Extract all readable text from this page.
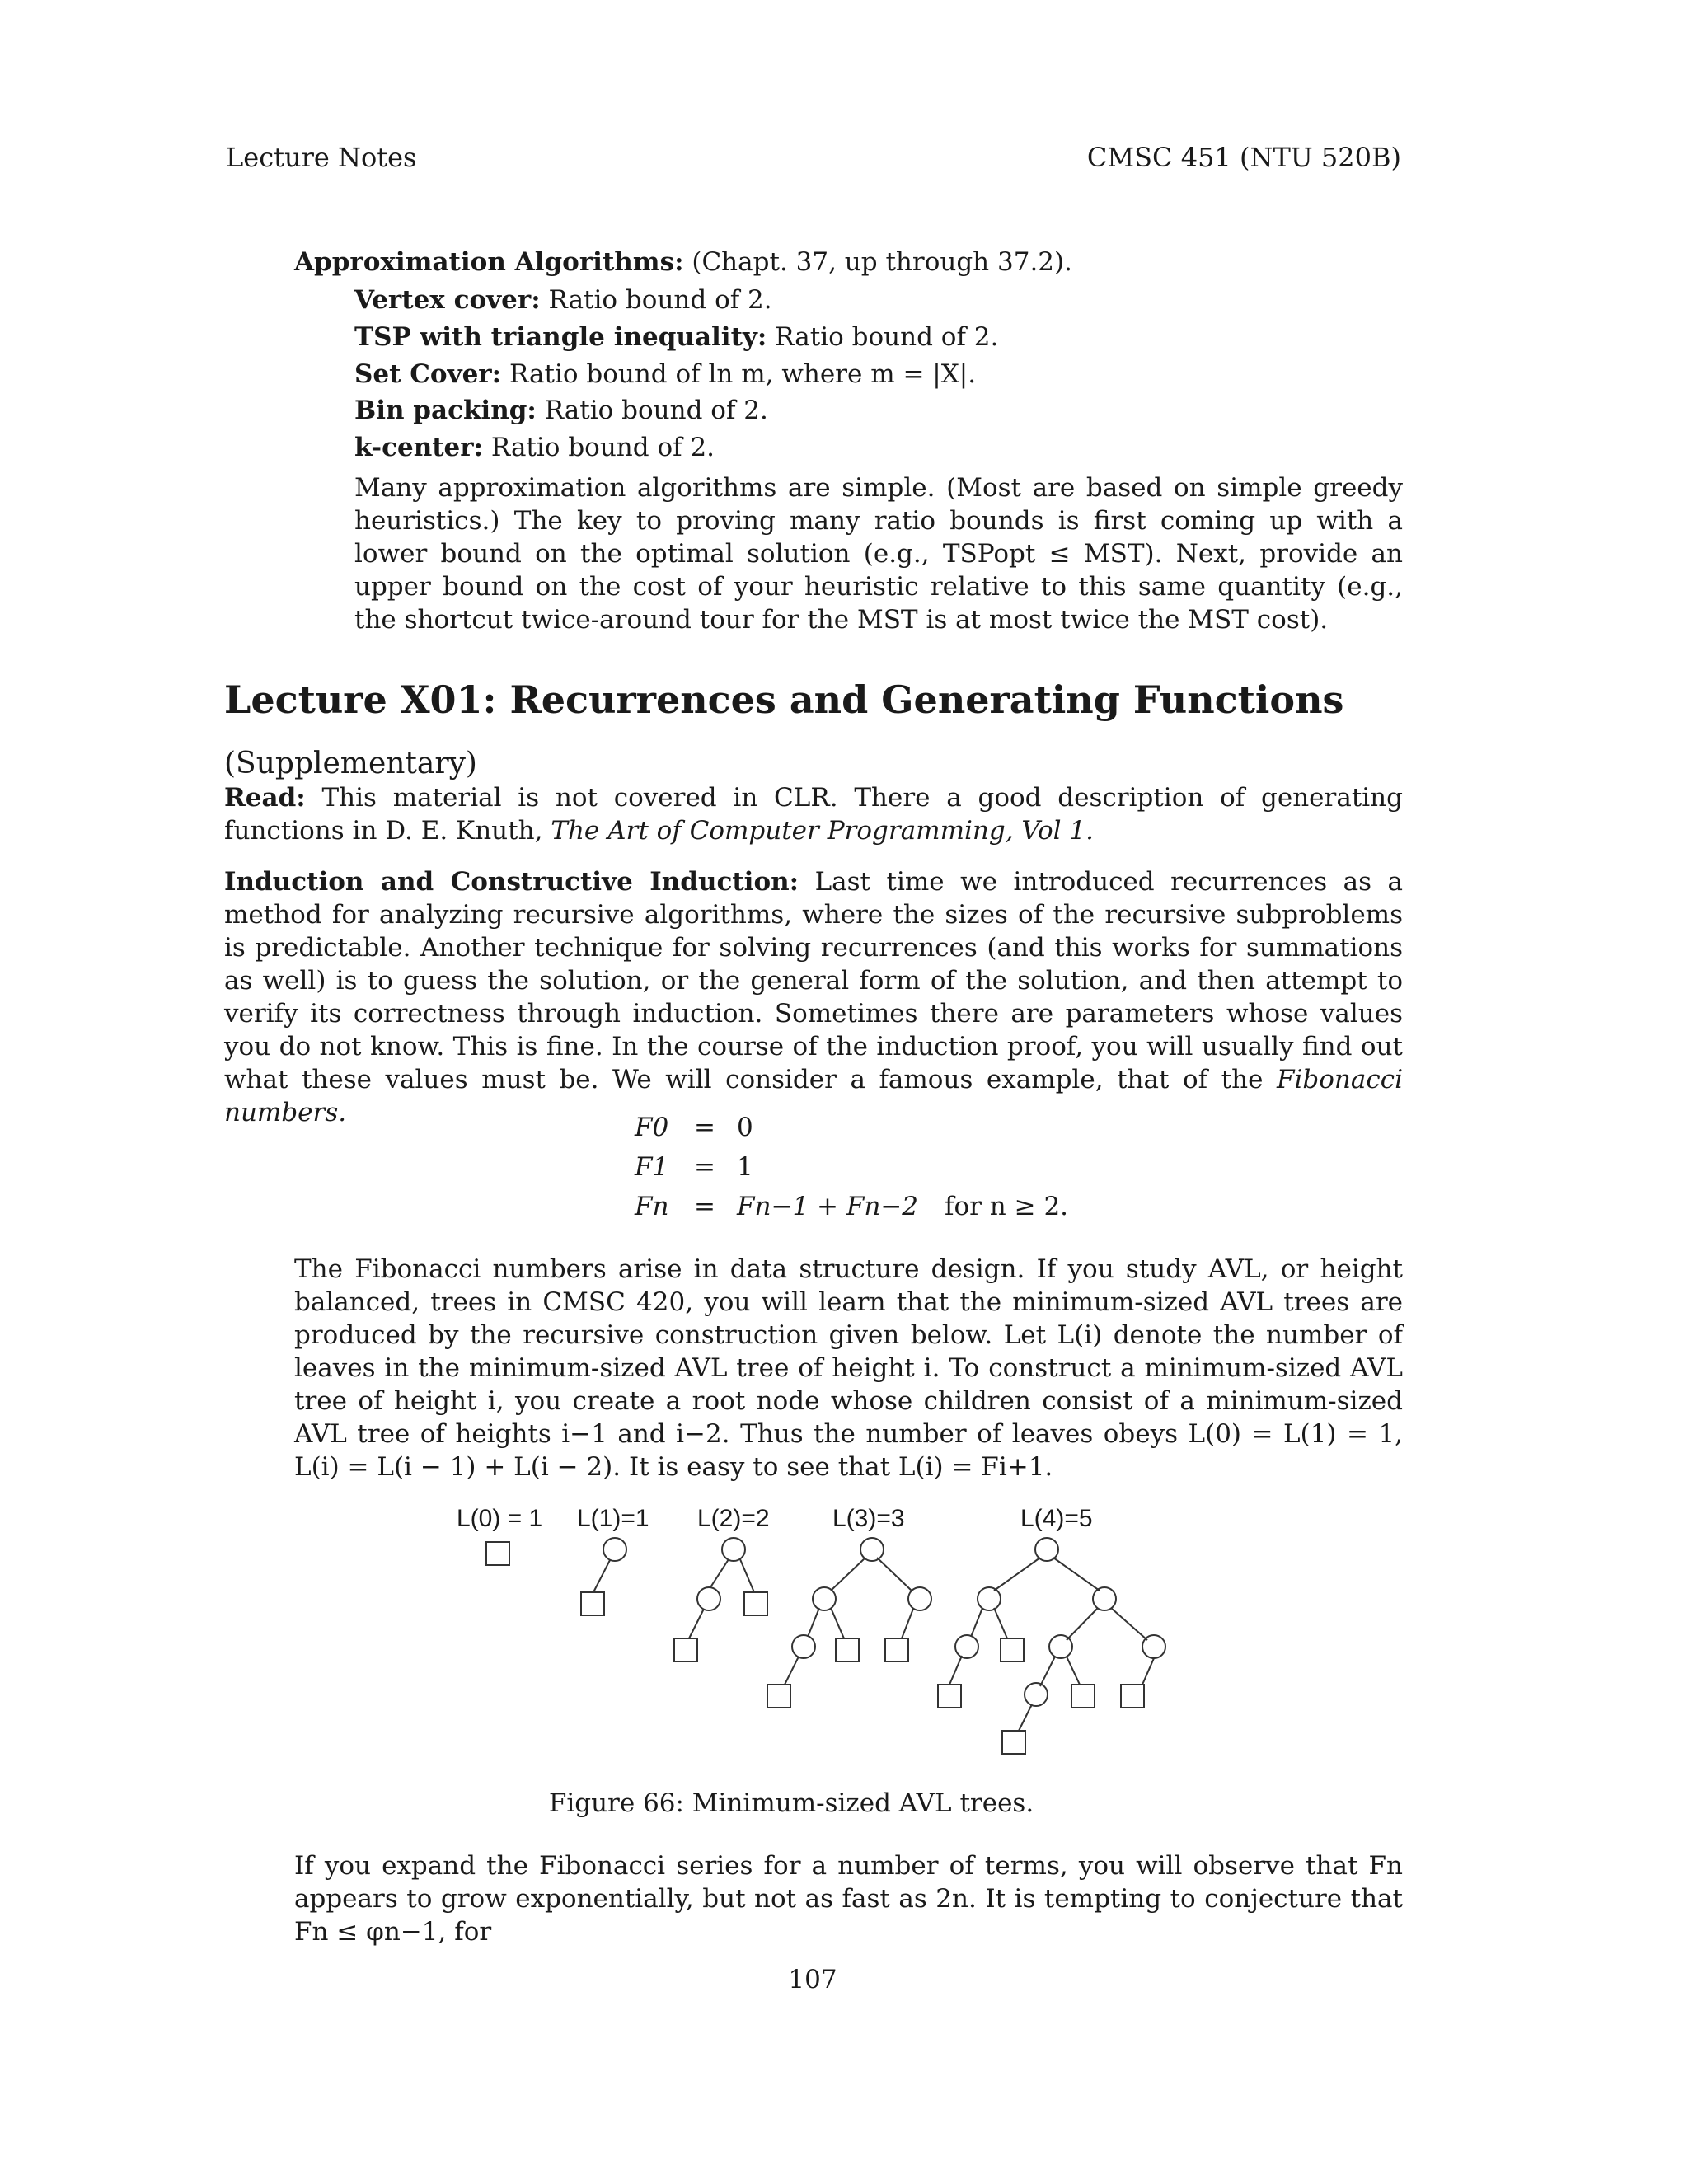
Lecture Notes	CMSC 451 (NTU 520B)
Approximation Algorithms: (Chapt. 37, up through 37.2).
Vertex cover: Ratio bound of 2.
TSP with triangle inequality: Ratio bound of 2.
Set Cover: Ratio bound of ln m, where m = |X|.
Bin packing: Ratio bound of 2.
k-center: Ratio bound of 2.
Many approximation algorithms are simple. (Most are based on simple greedy heuristics.) The key to proving many ratio bounds is first coming up with a lower bound on the optimal solution (e.g., TSPopt ≤ MST). Next, provide an upper bound on the cost of your heuristic relative to this same quantity (e.g., the shortcut twice-around tour for the MST is at most twice the MST cost).
Lecture X01: Recurrences and Generating Functions
(Supplementary)
Read: This material is not covered in CLR. There a good description of generating functions in D. E. Knuth, The Art of Computer Programming, Vol 1.
Induction and Constructive Induction: Last time we introduced recurrences as a method for analyzing recursive algorithms, where the sizes of the recursive subproblems is predictable. Another technique for solving recurrences (and this works for summations as well) is to guess the solution, or the general form of the solution, and then attempt to verify its correctness through induction. Sometimes there are parameters whose values you do not know. This is fine. In the course of the induction proof, you will usually find out what these values must be. We will consider a famous example, that of the Fibonacci numbers.	F0 = 0
F1 = 1
Fn = Fn−1 + Fn−2 for n ≥ 2.
The Fibonacci numbers arise in data structure design. If you study AVL, or height balanced, trees in CMSC 420, you will learn that the minimum-sized AVL trees are produced by the recursive construction given below. Let L(i) denote the number of leaves in the minimum-sized AVL tree of height i. To construct a minimum-sized AVL tree of height i, you create a root node whose children consist of a minimum-sized AVL tree of heights i−1 and i−2. Thus the number of leaves obeys L(0) = L(1) = 1, L(i) = L(i − 1) + L(i − 2). It is easy to see that L(i) = Fi+1.
L(0) = 1 L(1)=1 L(2)=2	L(3)=3	L(4)=5
Figure 66: Minimum-sized AVL trees.
If you expand the Fibonacci series for a number of terms, you will observe that Fn appears to grow exponentially, but not as fast as 2n. It is tempting to conjecture that Fn ≤ φn−1, for
107
